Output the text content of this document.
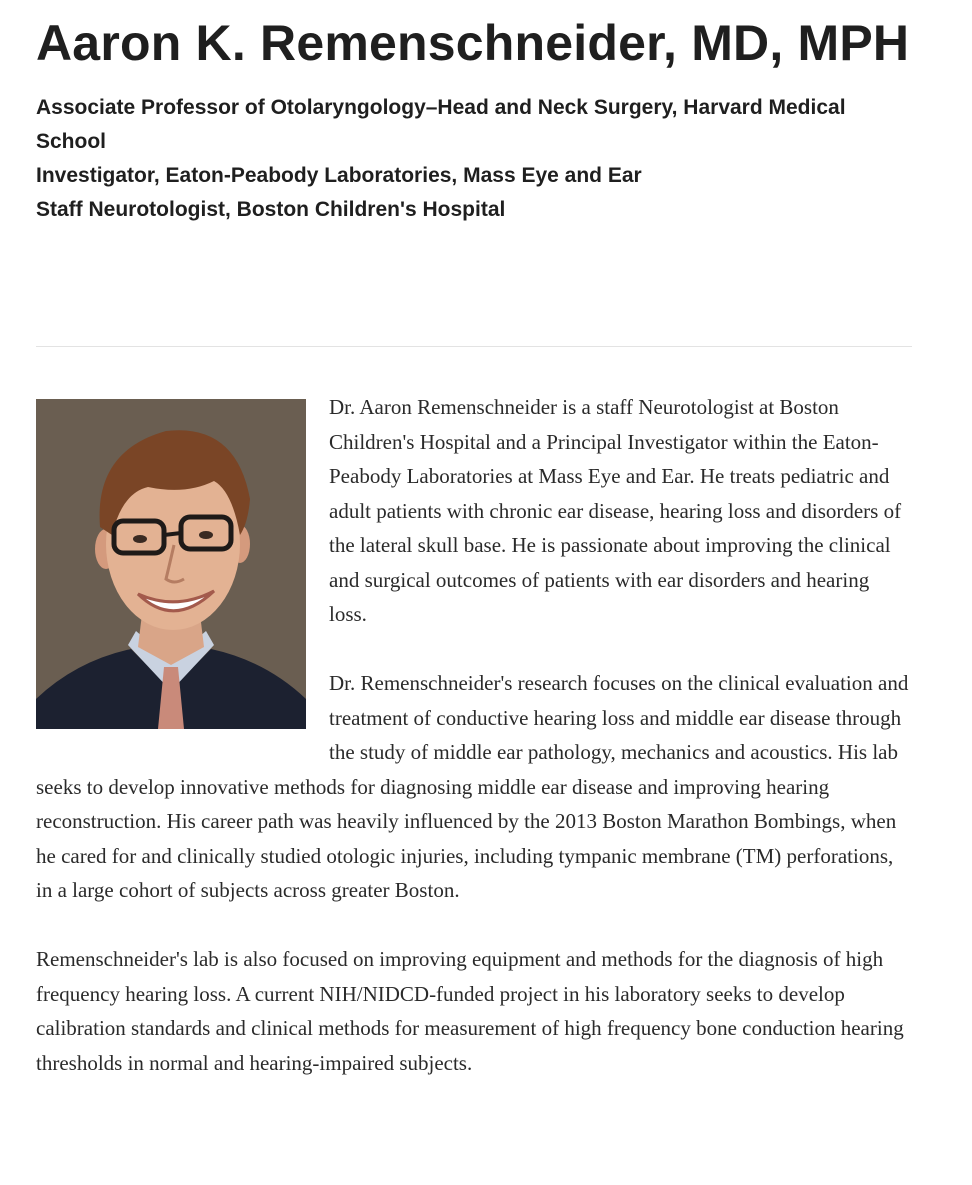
Aaron K. Remenschneider, MD, MPH
Associate Professor of Otolaryngology–Head and Neck Surgery, Harvard Medical School
Investigator, Eaton-Peabody Laboratories, Mass Eye and Ear
Staff Neurotologist, Boston Children's Hospital

Dr. Aaron Remenschneider is a staff Neurotologist at Boston Children's Hospital and a Principal Investigator within the Eaton-Peabody Laboratories at Mass Eye and Ear. He treats pediatric and adult patients with chronic ear disease, hearing loss and disorders of the lateral skull base. He is passionate about improving the clinical and surgical outcomes of patients with ear disorders and hearing loss.

Dr. Remenschneider's research focuses on the clinical evaluation and treatment of conductive hearing loss and middle ear disease through the study of middle ear pathology, mechanics and acoustics. His lab seeks to develop innovative methods for diagnosing middle ear disease and improving hearing reconstruction. His career path was heavily influenced by the 2013 Boston Marathon Bombings, when he cared for and clinically studied otologic injuries, including tympanic membrane (TM) perforations, in a large cohort of subjects across greater Boston.

Remenschneider's lab is also focused on improving equipment and methods for the diagnosis of high frequency hearing loss. A current NIH/NIDCD-funded project in his laboratory seeks to develop calibration standards and clinical methods for measurement of high frequency bone conduction hearing thresholds in normal and hearing-impaired subjects.
